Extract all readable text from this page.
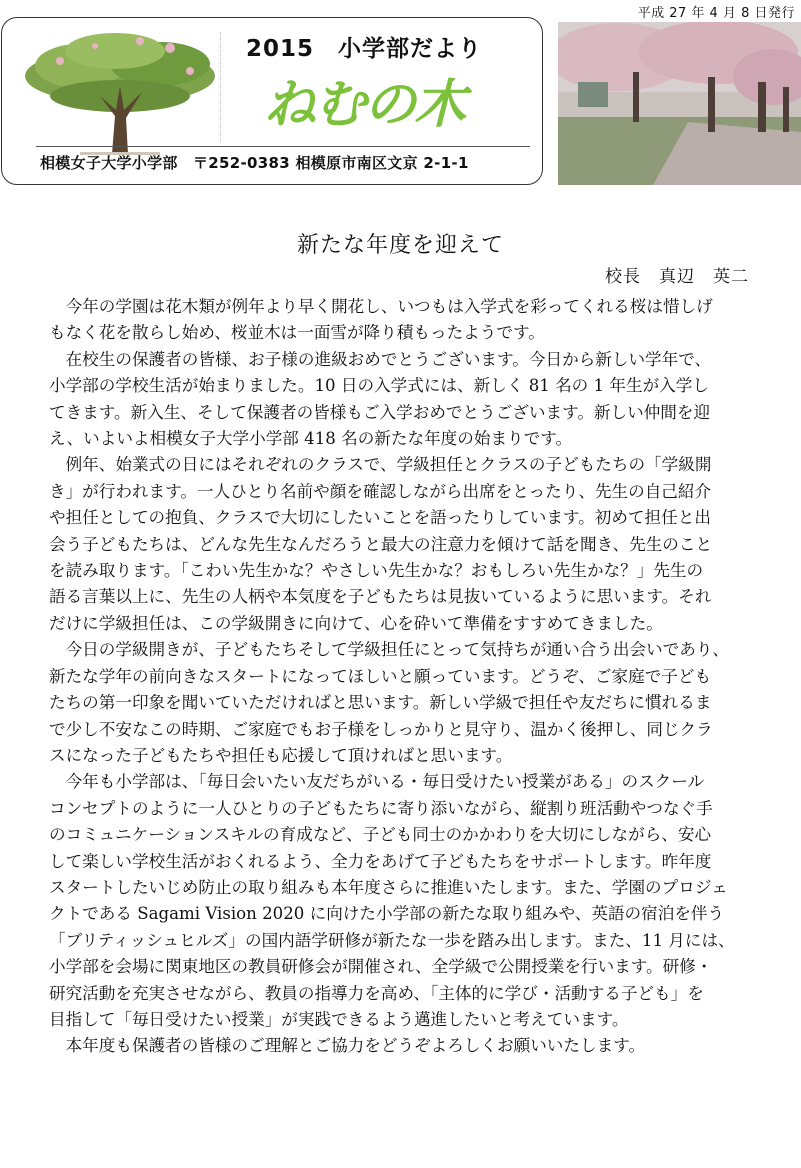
平成 27 年 4 月 8 日発行
2015　小学部だより
ねむの木
相模女子大学小学部　〒252-0383 相模原市南区文京 2-1-1
新たな年度を迎えて
校長　真辺　英二
　今年の学園は花木類が例年より早く開花し、いつもは入学式を彩ってくれる桜は惜しげ
もなく花を散らし始め、桜並木は一面雪が降り積もったようです。
　在校生の保護者の皆様、お子様の進級おめでとうございます。今日から新しい学年で、
小学部の学校生活が始まりました。10 日の入学式には、新しく 81 名の 1 年生が入学し
てきます。新入生、そして保護者の皆様もご入学おめでとうございます。新しい仲間を迎
え、いよいよ相模女子大学小学部 418 名の新たな年度の始まりです。
　例年、始業式の日にはそれぞれのクラスで、学級担任とクラスの子どもたちの「学級開
き」が行われます。一人ひとり名前や顔を確認しながら出席をとったり、先生の自己紹介
や担任としての抱負、クラスで大切にしたいことを語ったりしています。初めて担任と出
会う子どもたちは、どんな先生なんだろうと最大の注意力を傾けて話を聞き、先生のこと
を読み取ります。「こわい先生かな？やさしい先生かな？おもしろい先生かな？」先生の
語る言葉以上に、先生の人柄や本気度を子どもたちは見抜いているように思います。それ
だけに学級担任は、この学級開きに向けて、心を砕いて準備をすすめてきました。
　今日の学級開きが、子どもたちそして学級担任にとって気持ちが通い合う出会いであり、
新たな学年の前向きなスタートになってほしいと願っています。どうぞ、ご家庭で子ども
たちの第一印象を聞いていただければと思います。新しい学級で担任や友だちに慣れるま
で少し不安なこの時期、ご家庭でもお子様をしっかりと見守り、温かく後押し、同じクラ
スになった子どもたちや担任も応援して頂ければと思います。
　今年も小学部は、「毎日会いたい友だちがいる・毎日受けたい授業がある」のスクール
コンセプトのように一人ひとりの子どもたちに寄り添いながら、縦割り班活動やつなぐ手
のコミュニケーションスキルの育成など、子ども同士のかかわりを大切にしながら、安心
して楽しい学校生活がおくれるよう、全力をあげて子どもたちをサポートします。昨年度
スタートしたいじめ防止の取り組みも本年度さらに推進いたします。また、学園のプロジェ
クトである Sagami Vision 2020 に向けた小学部の新たな取り組みや、英語の宿泊を伴う
「ブリティッシュヒルズ」の国内語学研修が新たな一歩を踏み出します。また、11 月には、
小学部を会場に関東地区の教員研修会が開催され、全学級で公開授業を行います。研修・
研究活動を充実させながら、教員の指導力を高め、「主体的に学び・活動する子ども」を
目指して「毎日受けたい授業」が実践できるよう邁進したいと考えています。
　本年度も保護者の皆様のご理解とご協力をどうぞよろしくお願いいたします。
